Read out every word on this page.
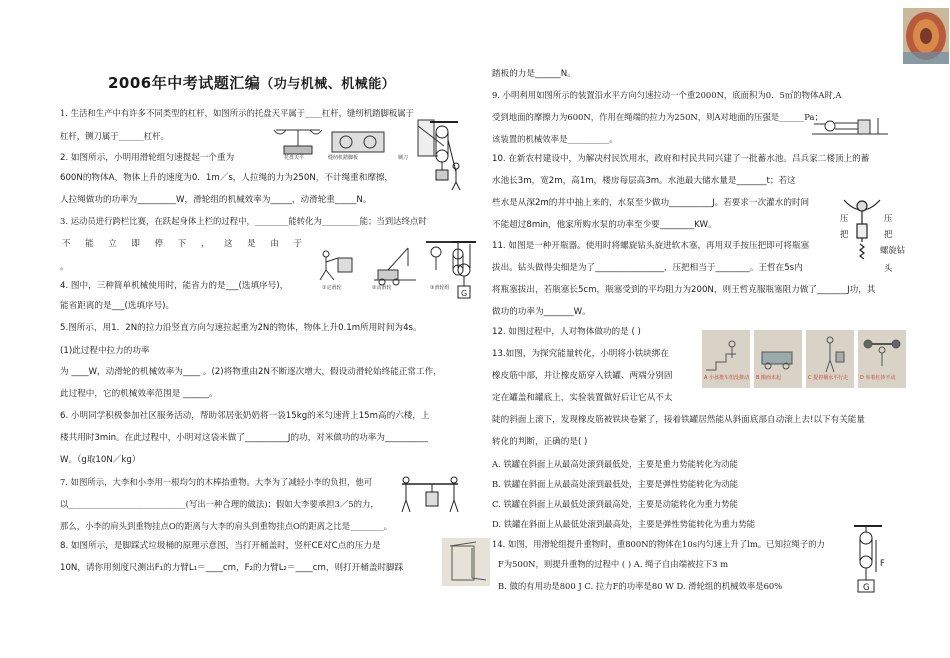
2006年中考试题汇编（功与机械、机械能）
1. 生活和生产中有许多不同类型的杠杆，如图所示的托盘天平属于____杠杆，缝纫机踏脚板属于
杠杆，铡刀属于______杠杆。
2. 如图所示，小明用滑轮组匀速提起一个重为
600N的物体A，物体上升的速度为0．1m／s，人拉绳的力为250N，不计绳重和摩擦，
人拉绳做功的功率为_________W，滑轮组的机械效率为_____，动滑轮重_____N。
3. 运动员进行跨栏比赛，在跃起身体上栏的过程中，________能转化为_________能；当到达终点时
不 能 立 即 停 下 ， 这 是 由 于
。
4. 图中，三种简单机械使用时，能省力的是___(选填序号)，
能省距离的是___(选填序号)。
5.图所示，用1．2N的拉力沿竖直方向匀速拉起重为2N的物体，物体上升0.1m所用时间为4s。
(1)此过程中拉力的功率
为 ____W，动滑轮的机械效率为____ 。(2)将物重由2N不断逐次增大，假设动滑轮始终能正常工作，
此过程中，它的机械效率范围是 ______。
6. 小明同学积极参加社区服务活动，帮助邻居张奶奶将一袋15kg的米匀速背上15m高的六楼，上
楼共用时3min。在此过程中，小明对这袋米做了__________J的功，对米做功的功率为__________
W。（g取10N／kg）
7. 如图所示，大李和小李用一根均匀的木棒抬重物。大李为了减轻小李的负担，他可
以____________________________(写出一种合理的做法)；假如大李要承担3／5的力，
那么，小李的肩头到重物挂点O的距离与大李的肩头到重物挂点O的距离之比是________。
8. 如图所示，是脚踩式垃圾桶的原理示意图，当打开桶盖时，竖杆CE对C点的压力是
10N，请你用刻度尺测出F₁的力臂L₁＝____cm，F₂的力臂L₂＝____cm，则打开桶盖时脚踩
托盘天平	缝纫机踏脚板	铡刀
①定滑轮	②动滑轮	③滑轮组
G
踏板的力是______N。
9. 小明利用如图所示的装置沿水平方向匀速拉动一个重2000N，底面积为0．5㎡的物体A时,A
受到地面的摩擦力为600N，作用在绳端的拉力为250N，则A对地面的压强是______Pa；
该装置的机械效率是__________。
10. 在新农村建设中，为解决村民饮用水，政府和村民共同兴建了一批蓄水池。吕兵家二楼顶上的蓄
水池长3m，宽2m，高1m，楼房每层高3m。水池最大储水量是_______t；若这
些水是从深2m的井中抽上来的，水泵至少做功__________J。若要求一次灌水的时间
不能超过8min，他家所购水泵的功率至少要________KW。
11. 如图是一种开瓶器。使用时将螺旋钻头旋进软木塞，再用双手按压把即可将瓶塞
拔出。钻头做得尖细是为了________________，压把相当于________。王哲在5s内
将瓶塞拔出，若瓶塞长5cm，瓶塞受到的平均阻力为200N，则王哲克服瓶塞阻力做了_______J功，其
做功的功率为_______W。
12. 如图过程中，人对物体做功的是 ( )
13.如图，为探究能量转化，小明将小铁块绑在
橡皮筋中部，并让橡皮筋穿入铁罐、两端分别固
定在罐盖和罐底上，实验装置做好后让它从不太
陡的斜面上滚下，发现橡皮筋被铁块卷紧了，接着铁罐居然能从斜面底部自动滚上去!以下有关能量
转化的判断，正确的是( )
A. 铁罐在斜面上从最高处滚到最低处，主要是重力势能转化为动能
B. 铁罐在斜面上从最高处滚到最低处，主要是弹性势能转化为动能
C. 铁罐在斜面上从最低处滚到最高处，主要是动能转化为重力势能
D. 铁罐在斜面上从最低处滚到最高处，主要是弹性势能转化为重力势能
14. 如图，用滑轮组提升重物时，重800N的物体在10s内匀速上升了lm。已知拉绳子的力
F为500N，则提升重物的过程中 ( ) A. 绳子自由端被拉下3 m
B. 做的有用功是800 J C. 拉力F的功率是80 W D. 滑轮组的机械效率是60%
压
把
压
把
螺旋钻
头
A 小孩推车但没推动 B 搬而未起	C 提着桶水平行走 D 举着杠铃不动
F
G
